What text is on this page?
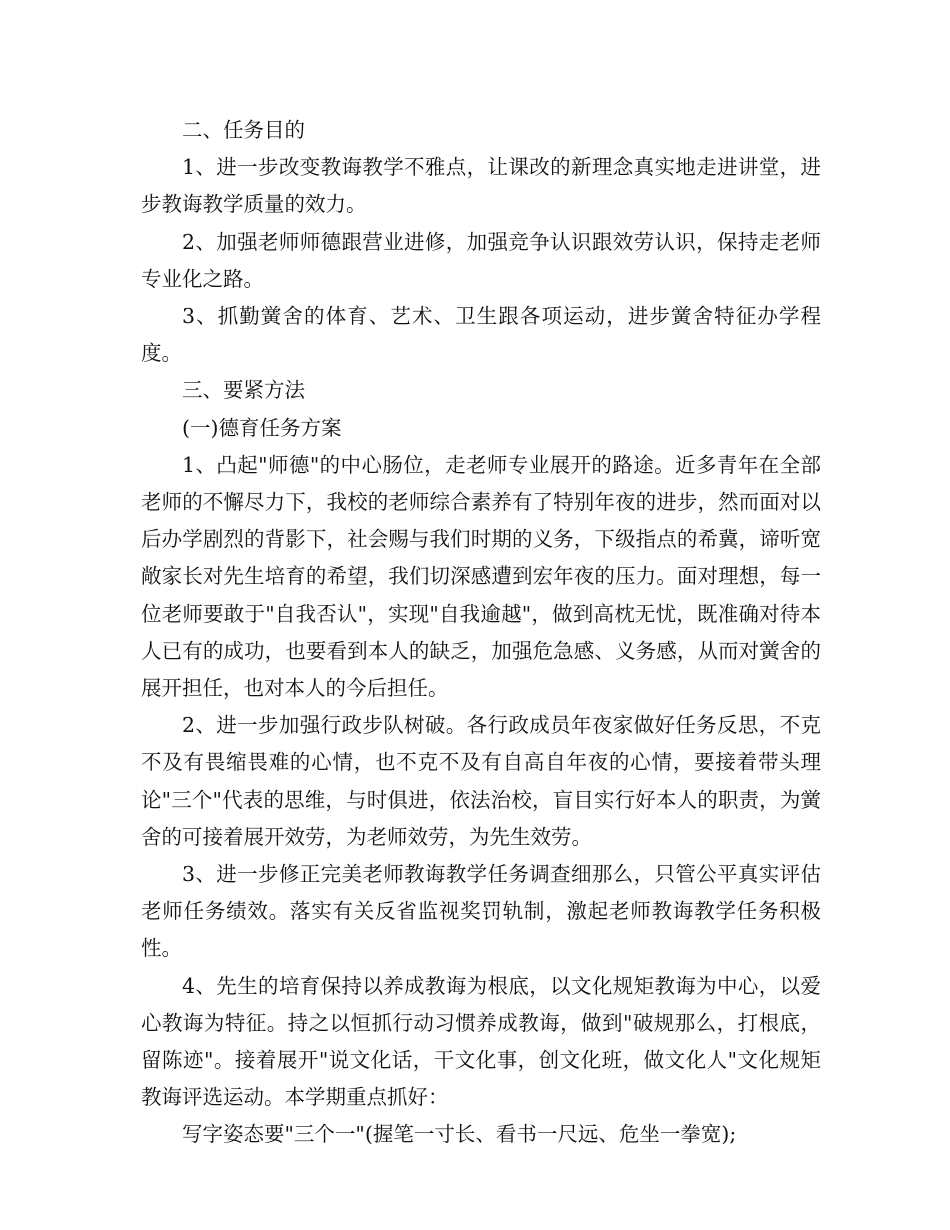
二、任务目的

1、进一步改变教诲教学不雅点，让课改的新理念真实地走进讲堂，进步教诲教学质量的效力。

2、加强老师师德跟营业进修，加强竞争认识跟效劳认识，保持走老师专业化之路。

3、抓勤黉舍的体育、艺术、卫生跟各项运动，进步黉舍特征办学程度。

三、要紧方法

(一)德育任务方案

1、凸起"师德"的中心肠位，走老师专业展开的路途。近多青年在全部老师的不懈尽力下，我校的老师综合素养有了特别年夜的进步，然而面对以后办学剧烈的背影下，社会赐与我们时期的义务，下级指点的希冀，谛听宽敞家长对先生培育的希望，我们切深感遭到宏年夜的压力。面对理想，每一位老师要敢于"自我否认"，实现"自我逾越"，做到高枕无忧，既准确对待本人已有的成功，也要看到本人的缺乏，加强危急感、义务感，从而对黉舍的展开担任，也对本人的今后担任。

2、进一步加强行政步队树破。各行政成员年夜家做好任务反思，不克不及有畏缩畏难的心情，也不克不及有自高自年夜的心情，要接着带头理论"三个"代表的思维，与时俱进，依法治校，盲目实行好本人的职责，为黉舍的可接着展开效劳，为老师效劳，为先生效劳。

3、进一步修正完美老师教诲教学任务调查细那么，只管公平真实评估老师任务绩效。落实有关反省监视奖罚轨制，激起老师教诲教学任务积极性。

4、先生的培育保持以养成教诲为根底，以文化规矩教诲为中心，以爱心教诲为特征。持之以恒抓行动习惯养成教诲，做到"破规那么，打根底，留陈迹"。接着展开"说文化话，干文化事，创文化班，做文化人"文化规矩教诲评选运动。本学期重点抓好：

写字姿态要"三个一"(握笔一寸长、看书一尺远、危坐一拳宽);
